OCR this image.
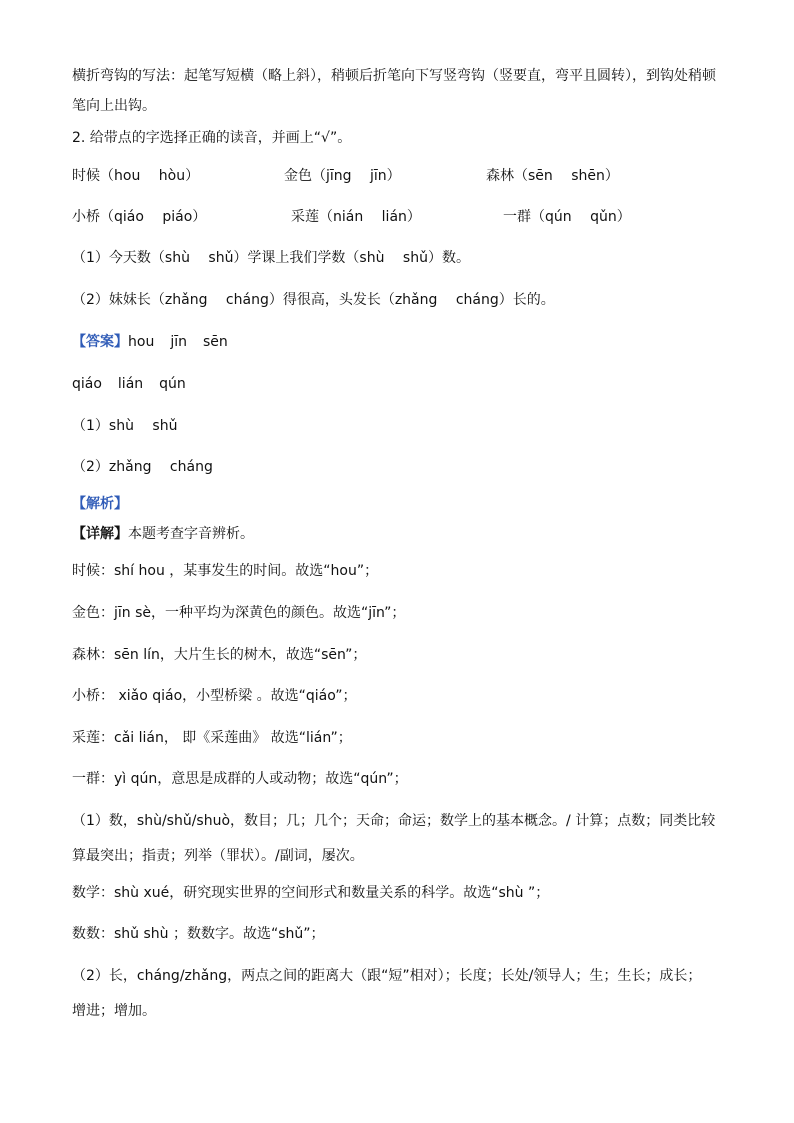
横折弯钩的写法：起笔写短横（略上斜），稍顿后折笔向下写竖弯钩（竖要直，弯平且圆转），到钩处稍顿
笔向上出钩。
2. 给带点的字选择正确的读音，并画上“√”。
时候（hou　 hòu）	金色（jīng　 jīn）	森林（sēn　 shēn）
小桥（qiáo　 piáo）	采莲（nián　 lián）	一群（qún　 qǔn）
（1）今天数（shù　 shǔ）学课上我们学数（shù　 shǔ）数。
（2）妹妹长（zhǎng　 cháng）得很高，头发长（zhǎng　 cháng）长的。
【答案】hou jīn sēn
qiáo lián qún
（1）shù　 shǔ
（2）zhǎng　 cháng
【解析】
【详解】本题考查字音辨析。
时候：shí hou ，某事发生的时间。故选“hou”；
金色：jīn sè，一种平均为深黄色的颜色。故选“jīn”；
森林：sēn lín，大片生长的树木，故选“sēn”；
小桥： xiǎo qiáo，小型桥梁 。故选“qiáo”；
采莲：cǎi lián， 即《采莲曲》 故选“lián”；
一群：yì qún，意思是成群的人或动物；故选“qún”；
（1）数，shù/shǔ/shuò，数目；几；几个；天命；命运；数学上的基本概念。/ 计算；点数；同类比较
算最突出；指责；列举（罪状）。/副词，屡次。
数学：shù xué，研究现实世界的空间形式和数量关系的科学。故选“shù ”；
数数：shǔ shù ；数数字。故选“shǔ”；
（2）长，cháng/zhǎng，两点之间的距离大（跟“短”相对）；长度；长处/领导人；生；生长；成长；
增进；增加。
